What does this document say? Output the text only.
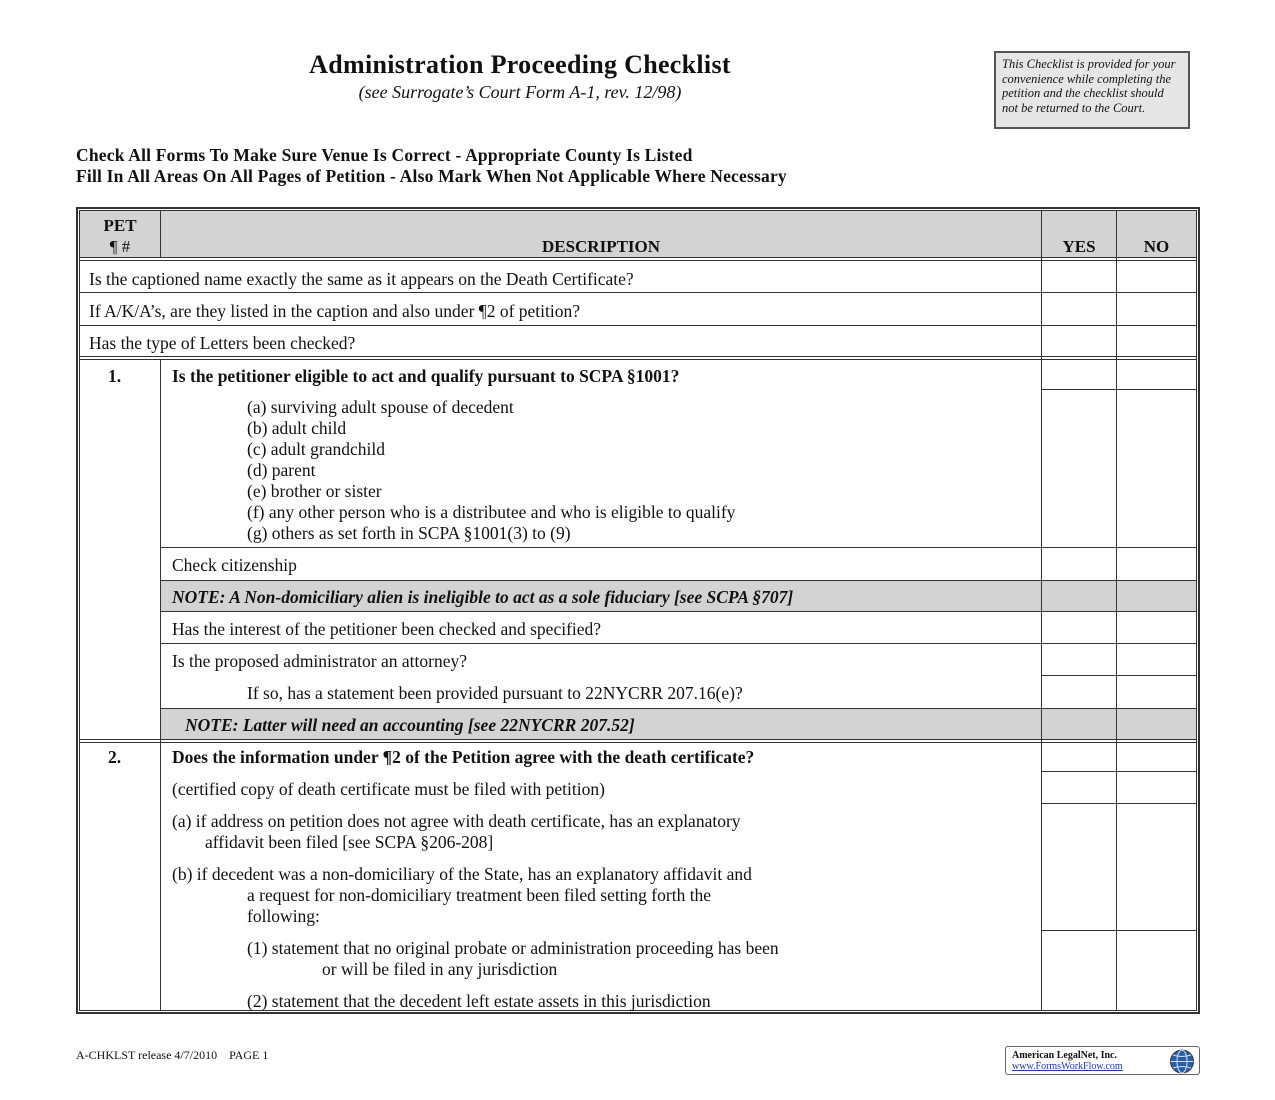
Administration Proceeding Checklist
(see Surrogate’s Court Form A-1, rev. 12/98)
This Checklist is provided for your convenience while completing the petition and the checklist should not be returned to the Court.
Check All Forms To Make Sure Venue Is Correct - Appropriate County Is Listed
Fill In All Areas On All Pages of Petition - Also Mark When Not Applicable Where Necessary
PET
¶ #	DESCRIPTION	YES	NO
Is the captioned name exactly the same as it appears on the Death Certificate?
If A/K/A’s, are they listed in the caption and also under ¶2 of petition?
Has the type of Letters been checked?
1.	Is the petitioner eligible to act and qualify pursuant to SCPA §1001?
(a) surviving adult spouse of decedent
(b) adult child
(c) adult grandchild
(d) parent
(e) brother or sister
(f) any other person who is a distributee and who is eligible to qualify
(g) others as set forth in SCPA §1001(3) to (9)
Check citizenship
NOTE: A Non-domiciliary alien is ineligible to act as a sole fiduciary [see SCPA §707]
Has the interest of the petitioner been checked and specified?
Is the proposed administrator an attorney?
If so, has a statement been provided pursuant to 22NYCRR 207.16(e)?
NOTE: Latter will need an accounting [see 22NYCRR 207.52]
2.	Does the information under ¶2 of the Petition agree with the death certificate?
(certified copy of death certificate must be filed with petition)
(a) if address on petition does not agree with death certificate, has an explanatory
affidavit been filed [see SCPA §206-208]
(b) if decedent was a non-domiciliary of the State, has an explanatory affidavit and
a request for non-domiciliary treatment been filed setting forth the
following:
(1) statement that no original probate or administration proceeding has been
or will be filed in any jurisdiction
(2) statement that the decedent left estate assets in this jurisdiction
A-CHKLST release 4/7/2010 PAGE 1	American LegalNet, Inc.
www.FormsWorkFlow.com
